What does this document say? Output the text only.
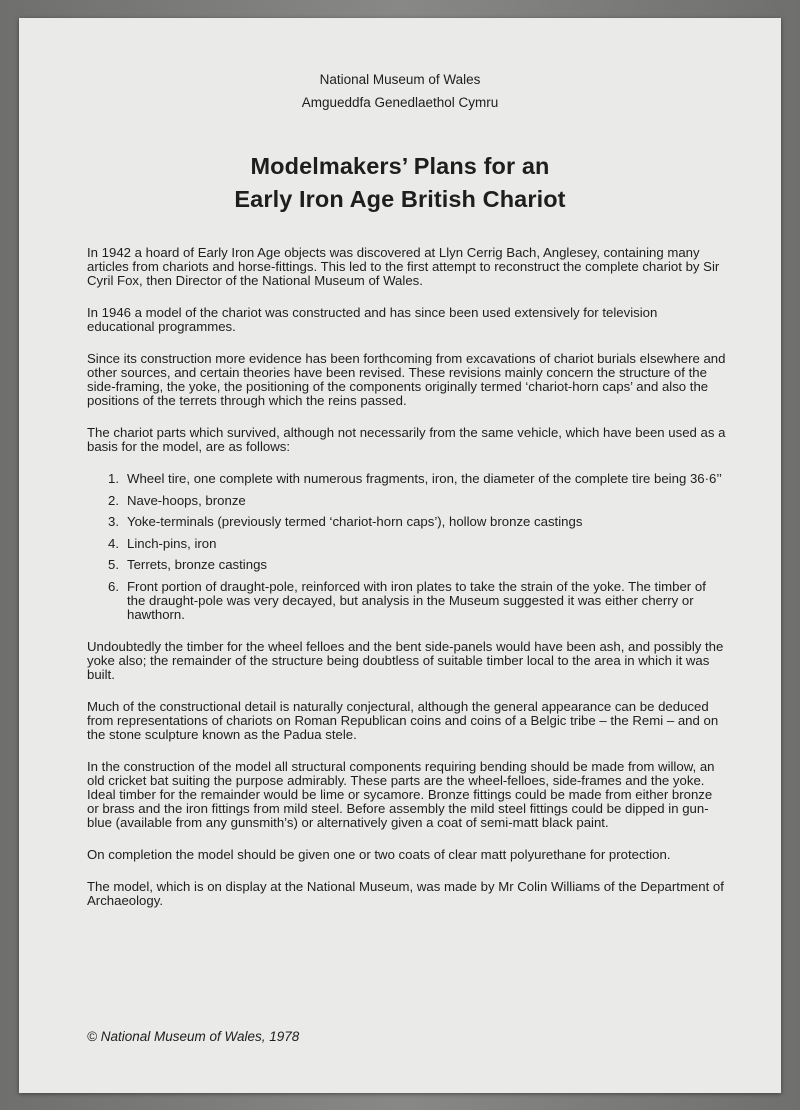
National Museum of Wales
Amgueddfa Genedlaethol Cymru
Modelmakers’ Plans for an
Early Iron Age British Chariot

In 1942 a hoard of Early Iron Age objects was discovered at Llyn Cerrig Bach, Anglesey, containing many articles from chariots and horse-fittings. This led to the first attempt to reconstruct the complete chariot by Sir Cyril Fox, then Director of the National Museum of Wales.

In 1946 a model of the chariot was constructed and has since been used extensively for television educational programmes.

Since its construction more evidence has been forthcoming from excavations of chariot burials elsewhere and other sources, and certain theories have been revised. These revisions mainly concern the structure of the side-framing, the yoke, the positioning of the components originally termed ‘chariot-horn caps’ and also the positions of the terrets through which the reins passed.

The chariot parts which survived, although not necessarily from the same vehicle, which have been used as a basis for the model, are as follows:

1. Wheel tire, one complete with numerous fragments, iron, the diameter of the complete tire being 36·6’’
2. Nave-hoops, bronze
3. Yoke-terminals (previously termed ‘chariot-horn caps’), hollow bronze castings
4. Linch-pins, iron
5. Terrets, bronze castings
6. Front portion of draught-pole, reinforced with iron plates to take the strain of the yoke. The timber of the draught-pole was very decayed, but analysis in the Museum suggested it was either cherry or hawthorn.

Undoubtedly the timber for the wheel felloes and the bent side-panels would have been ash, and possibly the yoke also; the remainder of the structure being doubtless of suitable timber local to the area in which it was built.

Much of the constructional detail is naturally conjectural, although the general appearance can be deduced from representations of chariots on Roman Republican coins and coins of a Belgic tribe – the Remi – and on the stone sculpture known as the Padua stele.

In the construction of the model all structural components requiring bending should be made from willow, an old cricket bat suiting the purpose admirably. These parts are the wheel-felloes, side-frames and the yoke. Ideal timber for the remainder would be lime or sycamore. Bronze fittings could be made from either bronze or brass and the iron fittings from mild steel. Before assembly the mild steel fittings could be dipped in gun-blue (available from any gunsmith’s) or alternatively given a coat of semi-matt black paint.

On completion the model should be given one or two coats of clear matt polyurethane for protection.

The model, which is on display at the National Museum, was made by Mr Colin Williams of the Department of Archaeology.

© National Museum of Wales, 1978
